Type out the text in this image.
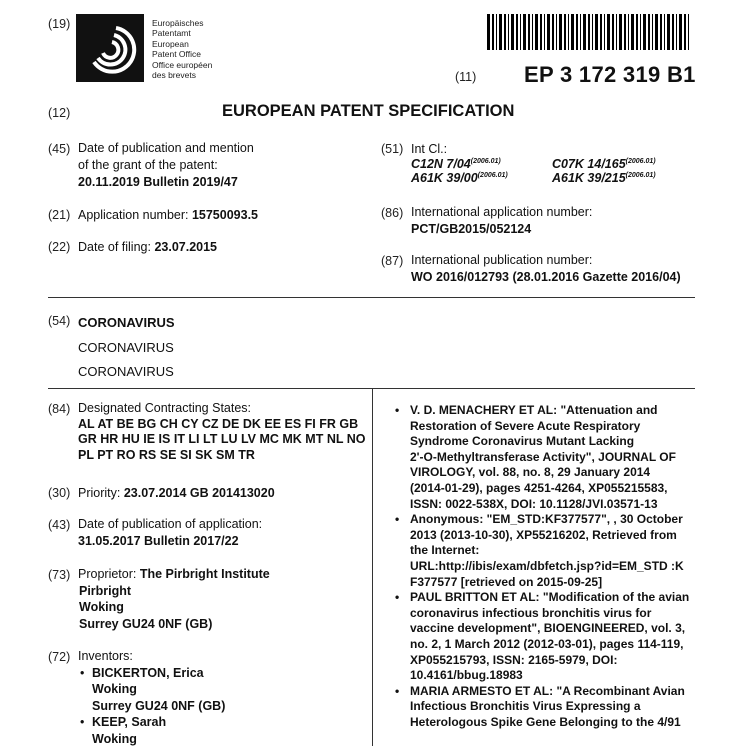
(19)	Europäisches
Patentamt
European
Patent Office
Office européen
des brevets	(11) EP 3 172 319 B1
(12)	EUROPEAN PATENT SPECIFICATION
(45) Date of publication and mention
of the grant of the patent:
20.11.2019 Bulletin 2019/47
(21) Application number: 15750093.5
(22) Date of filing: 23.07.2015
(51) Int Cl.:
C12N $7/04^{(2006.01)}$	C07K $14/165^{(2006.01)}$
A61K $39/00^{(2006.01)}$	A61K $39/215^{(2006.01)}$
(86) International application number:
PCT/GB2015/052124
(87) International publication number:
WO 2016/012793 (28.01.2016 Gazette 2016/04)
(54) CORONAVIRUS
CORONAVIRUS
CORONAVIRUS
(84) Designated Contracting States:
AL AT BE BG CH CY CZ DE DK EE ES FI FR GB
GR HR HU IE IS IT LI LT LU LV MC MK MT NL NO
PL PT RO RS SE SI SK SM TR
(30) Priority: 23.07.2014 GB 201413020
(43) Date of publication of application:
31.05.2017 Bulletin 2017/22
(73) Proprietor: The Pirbright Institute
Pirbright
Woking
Surrey GU24 0NF (GB)
(72) Inventors:
• BICKERTON, Erica
Woking
Surrey GU24 0NF (GB)
• KEEP, Sarah
Woking
• V. D. MENACHERY ET AL: "Attenuation and
Restoration of Severe Acute Respiratory
Syndrome Coronavirus Mutant Lacking
2'-O-Methyltransferase Activity", JOURNAL OF
VIROLOGY, vol. 88, no. 8, 29 January 2014
(2014-01-29), pages 4251-4264, XP055215583,
ISSN: 0022-538X, DOI: 10.1128/JVI.03571-13
• Anonymous: "EM_STD:KF377577", , 30 October
2013 (2013-10-30), XP55216202, Retrieved from
the Internet:
URL:http://ibis/exam/dbfetch.jsp?id=EM_STD :K
F377577 [retrieved on 2015-09-25]
• PAUL BRITTON ET AL: "Modification of the avian
coronavirus infectious bronchitis virus for
vaccine development", BIOENGINEERED, vol. 3,
no. 2, 1 March 2012 (2012-03-01), pages 114-119,
XP055215793, ISSN: 2165-5979, DOI:
10.4161/bbug.18983
• MARIA ARMESTO ET AL: "A Recombinant Avian
Infectious Bronchitis Virus Expressing a
Heterologous Spike Gene Belonging to the 4/91
